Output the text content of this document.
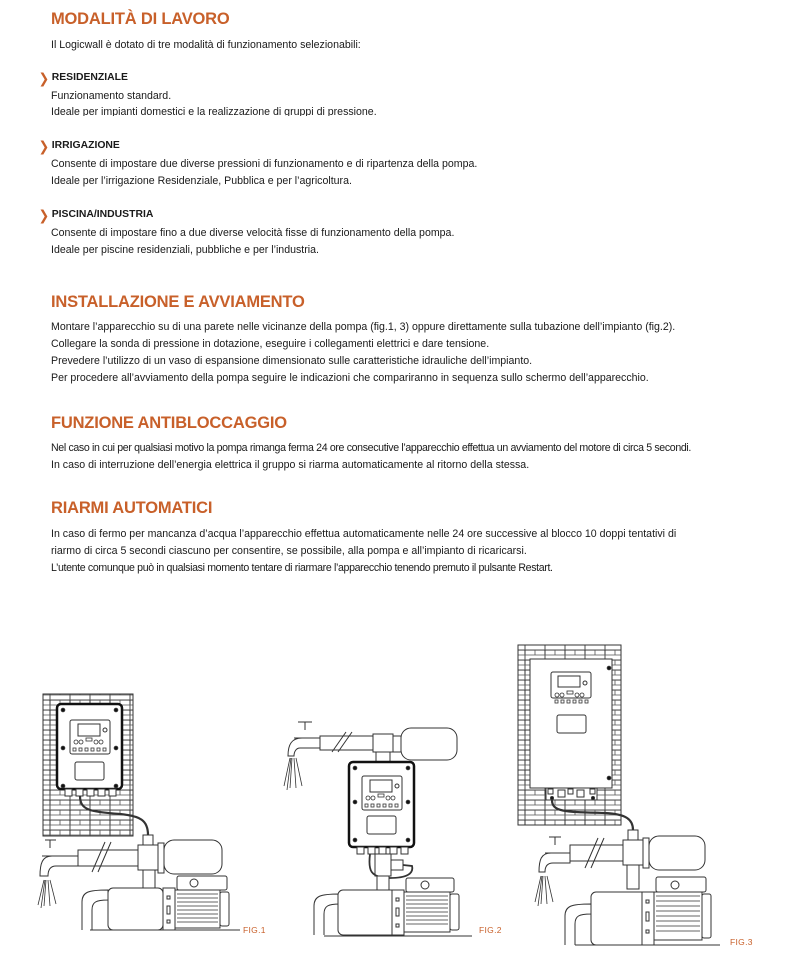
MODALITÀ DI LAVORO

Il Logicwall è dotato di tre modalità di funzionamento selezionabili:

❯ RESIDENZIALE

Funzionamento standard.

Ideale per impianti domestici e la realizzazione di gruppi di pressione.

❯ IRRIGAZIONE

Consente di impostare due diverse pressioni di funzionamento e di ripartenza della pompa.

Ideale per l’irrigazione Residenziale, Pubblica e per l’agricoltura.

❯ PISCINA/INDUSTRIA

Consente di impostare fino a due diverse velocità fisse di funzionamento della pompa.

Ideale per piscine residenziali, pubbliche e per l’industria.

INSTALLAZIONE E AVVIAMENTO

Montare l’apparecchio su di una parete nelle vicinanze della pompa (fig.1, 3) oppure direttamente sulla tubazione dell’impianto (fig.2).

Collegare la sonda di pressione in dotazione, eseguire i collegamenti elettrici e dare tensione.

Prevedere l’utilizzo di un vaso di espansione dimensionato sulle caratteristiche idrauliche dell’impianto.

Per procedere all’avviamento della pompa seguire le indicazioni che compariranno in sequenza sullo schermo dell’apparecchio.

FUNZIONE ANTIBLOCCAGGIO

Nel caso in cui per qualsiasi motivo la pompa rimanga ferma 24 ore consecutive l’apparecchio effettua un avviamento del motore di circa 5 secondi.

In caso di interruzione dell’energia elettrica il gruppo si riarma automaticamente al ritorno della stessa.

RIARMI AUTOMATICI

In caso di fermo per mancanza d’acqua l’apparecchio effettua automaticamente nelle 24 ore successive al blocco 10 doppi tentativi di

riarmo di circa 5 secondi ciascuno per consentire, se possibile, alla pompa e all’impianto di ricaricarsi.

L’utente comunque può in qualsiasi momento tentare di riarmare l’apparecchio tenendo premuto il pulsante Restart.

FIG.1	FIG.2
FIG.3
